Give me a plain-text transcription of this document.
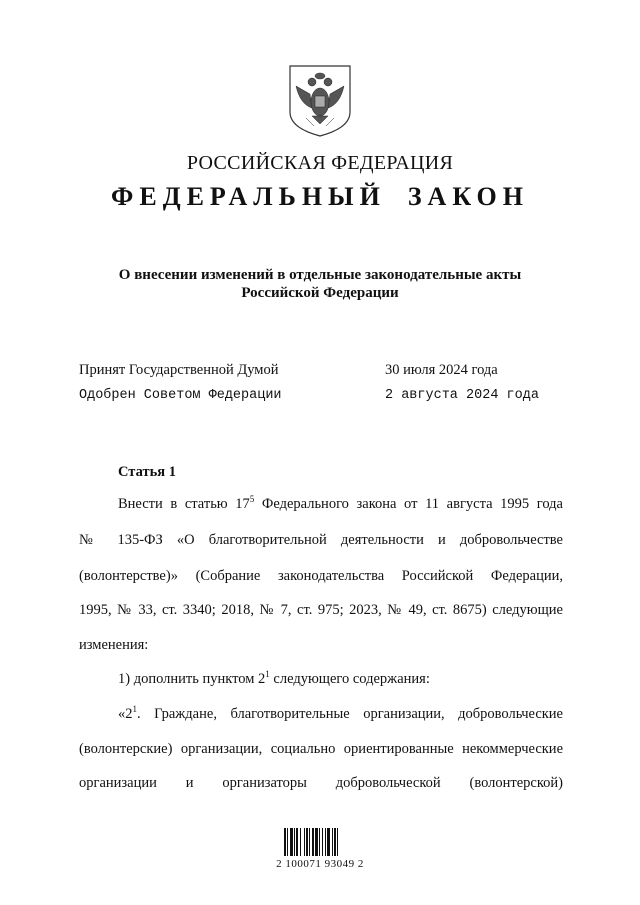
РОССИЙСКАЯ ФЕДЕРАЦИЯ
ФЕДЕРАЛЬНЫЙ ЗАКОН
О внесении изменений в отдельные законодательные акты
Российской Федерации
Принят Государственной Думой	30 июля 2024 года
Одобрен Советом Федерации	2 августа 2024 года
Статья 1
Внести в статью $17^5$ Федерального закона от 11 августа 1995 года
№ 135-ФЗ «О благотворительной деятельности и добровольчестве
(волонтерстве)» (Собрание законодательства Российской Федерации,
1995, № 33, ст. 3340; 2018, № 7, ст. 975; 2023, № 49, ст. 8675) следующие
изменения:
1) дополнить пунктом $2^1$ следующего содержания:
«$2^1$. Граждане, благотворительные организации, добровольческие
(волонтерские) организации, социально ориентированные некоммерческие
организации и организаторы добровольческой (волонтерской)
2 100071 93049 2
